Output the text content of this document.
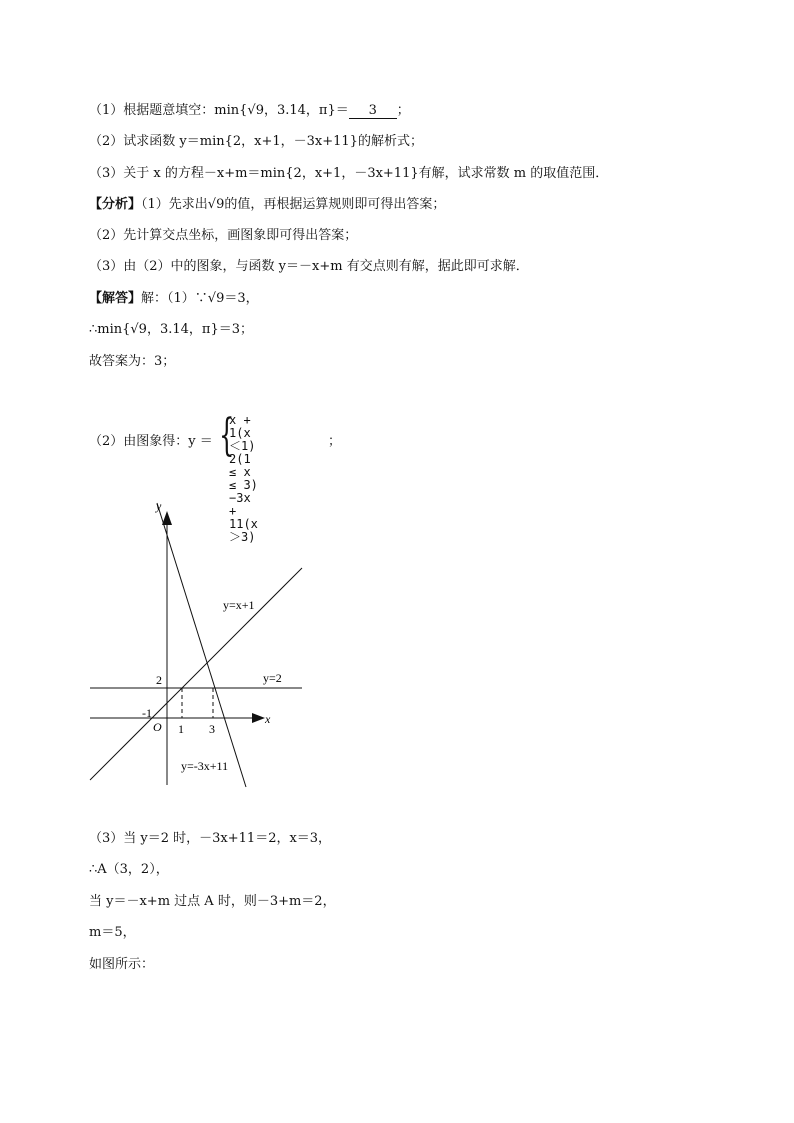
（1）根据题意填空：min{√9，3.14，π}＝ 3 ；
（2）试求函数 y＝min{2，x+1，－3x+11}的解析式；
（3）关于 x 的方程－x+m＝min{2，x+1，－3x+11}有解，试求常数 m 的取值范围．
【分析】（1）先求出√9的值，再根据运算规则即可得出答案；
（2）先计算交点坐标，画图象即可得出答案；
（3）由（2）中的图象，与函数 y＝－x+m 有交点则有解，据此即可求解．
【解答】解：（1）∵√9＝3，
∴min{√9，3.14，π}＝3；
故答案为：3；
（2）由图象得：y ＝ {
x + 1(x＜1)
2(1 ≤ x ≤ 3)
−3x + 11(x＞3)
；
y
x
O 1 3
2
-1
y=x+1
y=2
y=-3x+11
（3）当 y＝2 时，－3x+11＝2，x＝3，
∴A（3，2），
当 y＝－x+m 过点 A 时，则－3+m＝2，
m＝5，
如图所示：
